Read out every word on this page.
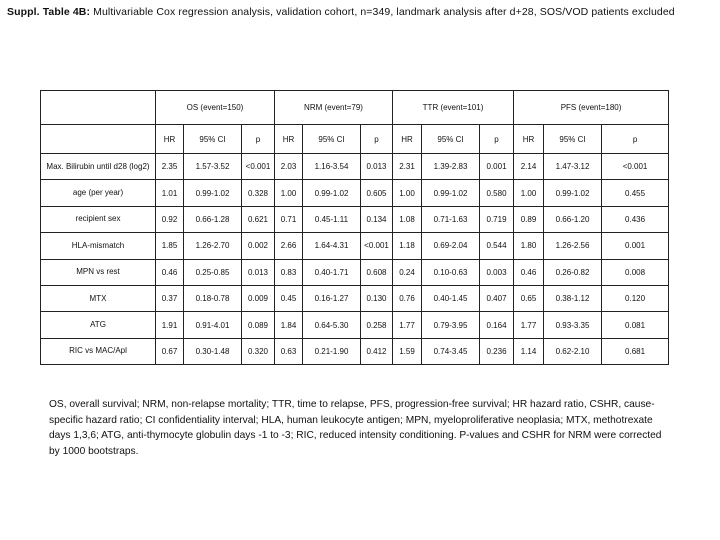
Suppl. Table 4B: Multivariable Cox regression analysis, validation cohort, n=349, landmark analysis after d+28, SOS/VOD patients excluded
	OS (event=150)			NRM (event=79)			TTR (event=101)			PFS (event=180)		
	HR	95% CI	p	HR	95% CI	p	HR	95% CI	p	HR	95% CI	p
Max. Bilirubin until d28 (log2)	2.35	1.57-3.52	<0.001	2.03	1.16-3.54	0.013	2.31	1.39-2.83	0.001	2.14	1.47-3.12	<0.001
age (per year)	1.01	0.99-1.02	0.328	1.00	0.99-1.02	0.605	1.00	0.99-1.02	0.580	1.00	0.99-1.02	0.455
recipient sex	0.92	0.66-1.28	0.621	0.71	0.45-1.11	0.134	1.08	0.71-1.63	0.719	0.89	0.66-1.20	0.436
HLA-mismatch	1.85	1.26-2.70	0.002	2.66	1.64-4.31	<0.001	1.18	0.69-2.04	0.544	1.80	1.26-2.56	0.001
MPN vs rest	0.46	0.25-0.85	0.013	0.83	0.40-1.71	0.608	0.24	0.10-0.63	0.003	0.46	0.26-0.82	0.008
MTX	0.37	0.18-0.78	0.009	0.45	0.16-1.27	0.130	0.76	0.40-1.45	0.407	0.65	0.38-1.12	0.120
ATG	1.91	0.91-4.01	0.089	1.84	0.64-5.30	0.258	1.77	0.79-3.95	0.164	1.77	0.93-3.35	0.081
RIC vs MAC/Apl	0.67	0.30-1.48	0.320	0.63	0.21-1.90	0.412	1.59	0.74-3.45	0.236	1.14	0.62-2.10	0.681
OS, overall survival; NRM, non-relapse mortality; TTR, time to relapse, PFS, progression-free survival; HR hazard ratio, CSHR, cause-specific hazard ratio; CI confidentiality interval; HLA, human leukocyte antigen; MPN, myeloproliferative neoplasia; MTX, methotrexate days 1,3,6; ATG, anti-thymocyte globulin days -1 to -3; RIC, reduced intensity conditioning. P-values and CSHR for NRM were corrected by 1000 bootstraps.
